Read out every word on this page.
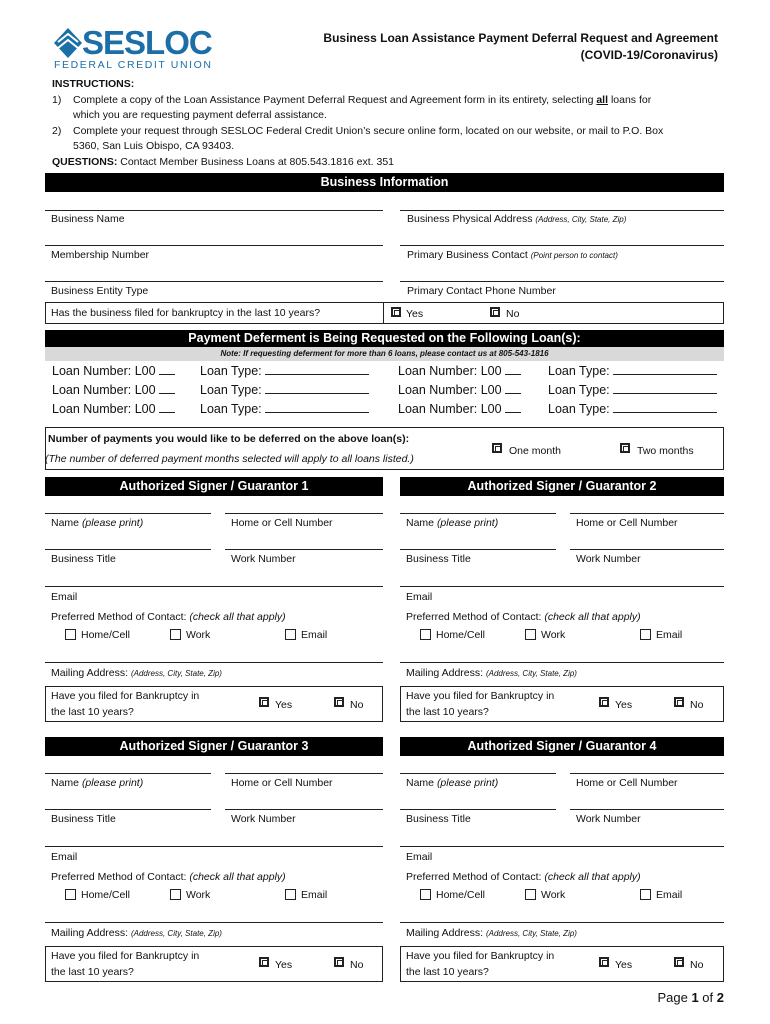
SESLOC
FEDERAL CREDIT UNION
Business Loan Assistance Payment Deferral Request and Agreement
(COVID-19/Coronavirus)
INSTRUCTIONS:
1) Complete a copy of the Loan Assistance Payment Deferral Request and Agreement form in its entirety, selecting all loans for
which you are requesting payment deferral assistance.
2) Complete your request through SESLOC Federal Credit Union’s secure online form, located on our website, or mail to P.O. Box
5360, San Luis Obispo, CA 93403.
QUESTIONS: Contact Member Business Loans at 805.543.1816 ext. 351
Business Information
Business Name	Business Physical Address (Address, City, State, Zip)
Membership Number	Primary Business Contact (Point person to contact)
Business Entity Type	Primary Contact Phone Number
Has the business filed for bankruptcy in the last 10 years?	Yes	No
Payment Deferment is Being Requested on the Following Loan(s):
Note: If requesting deferment for more than 6 loans, please contact us at 805-543-1816
Loan Number: L00	Loan Type:
Loan Number: L00	Loan Type:
Loan Number: L00	Loan Type:
Loan Number: L00	Loan Type:
Loan Number: L00	Loan Type:
Loan Number: L00	Loan Type:
Number of payments you would like to be deferred on the above loan(s):
(The number of deferred payment months selected will apply to all loans listed.)
One month	Two months
Authorized Signer / Guarantor 1
Name (please print)	Home or Cell Number
Business Title	Work Number
Email
Preferred Method of Contact: (check all that apply)
Home/Cell	Work	Email
Mailing Address: (Address, City, State, Zip)
Have you filed for Bankruptcy in
the last 10 years?
Yes	No
Authorized Signer / Guarantor 2
Name (please print)	Home or Cell Number
Business Title	Work Number
Email
Preferred Method of Contact: (check all that apply)
Home/Cell	Work	Email
Mailing Address: (Address, City, State, Zip)
Have you filed for Bankruptcy in
the last 10 years?
Yes	No
Authorized Signer / Guarantor 3
Name (please print)	Home or Cell Number
Business Title	Work Number
Email
Preferred Method of Contact: (check all that apply)
Home/Cell	Work	Email
Mailing Address: (Address, City, State, Zip)
Have you filed for Bankruptcy in
the last 10 years?
Yes	No
Authorized Signer / Guarantor 4
Name (please print)	Home or Cell Number
Business Title	Work Number
Email
Preferred Method of Contact: (check all that apply)
Home/Cell	Work	Email
Mailing Address: (Address, City, State, Zip)
Have you filed for Bankruptcy in
the last 10 years?
Yes	No
Page 1 of 2
